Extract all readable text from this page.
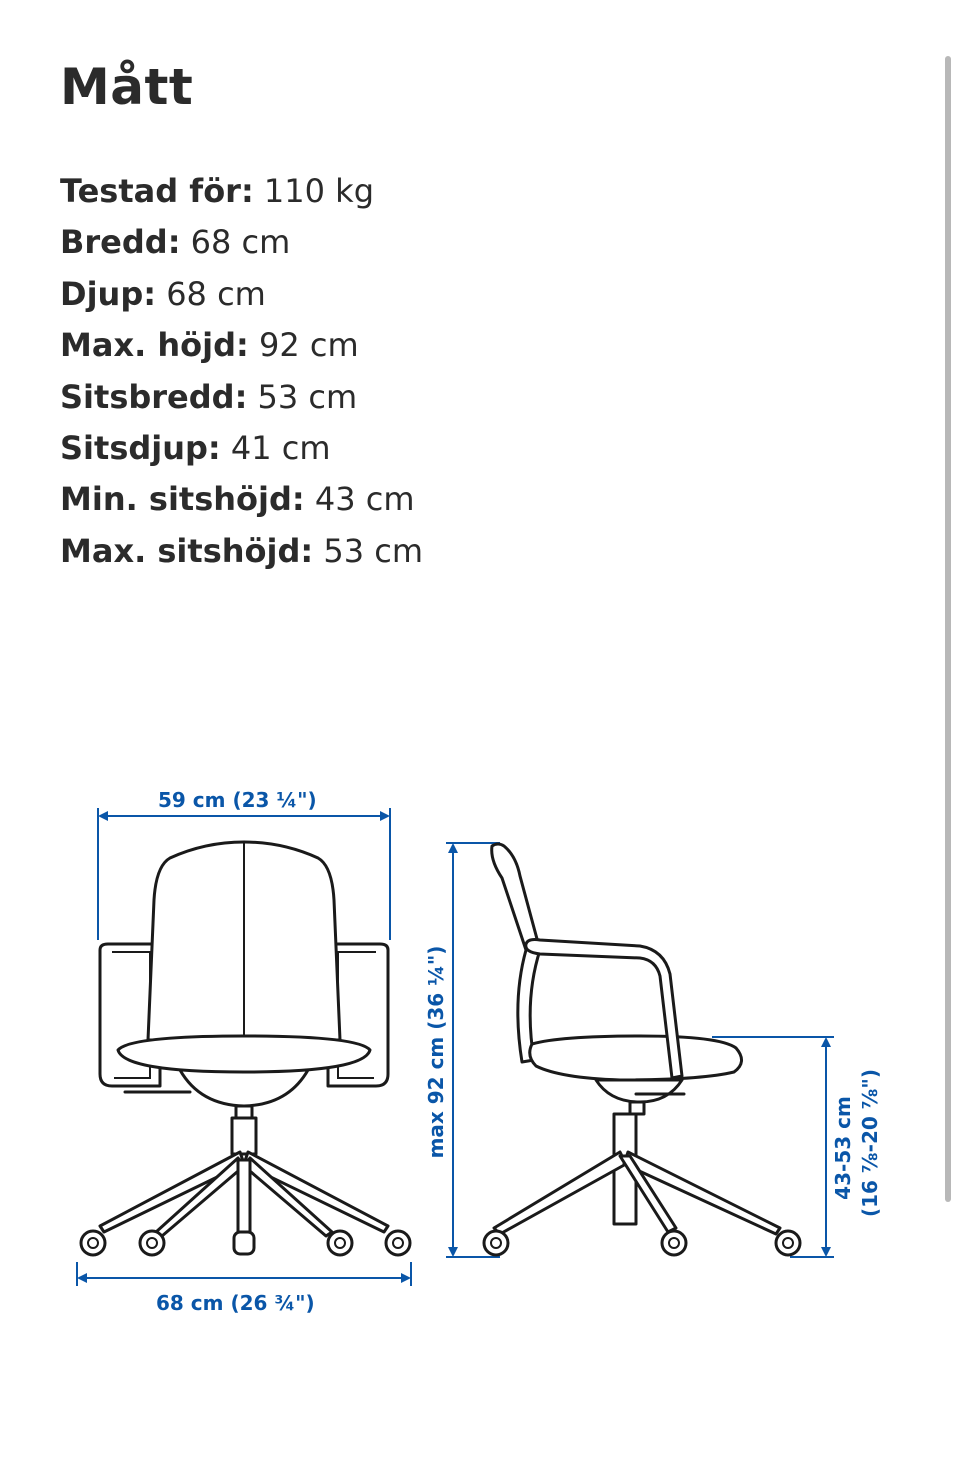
Mått
Testad för: 110 kg
Bredd: 68 cm
Djup: 68 cm
Max. höjd: 92 cm
Sitsbredd: 53 cm
Sitsdjup: 41 cm
Min. sitshöjd: 43 cm
Max. sitshöjd: 53 cm
59 cm (23 ¼")
68 cm (26 ¾")
max 92 cm (36 ¼")	43-53 cm (16 ⅞-20 ⅞")
